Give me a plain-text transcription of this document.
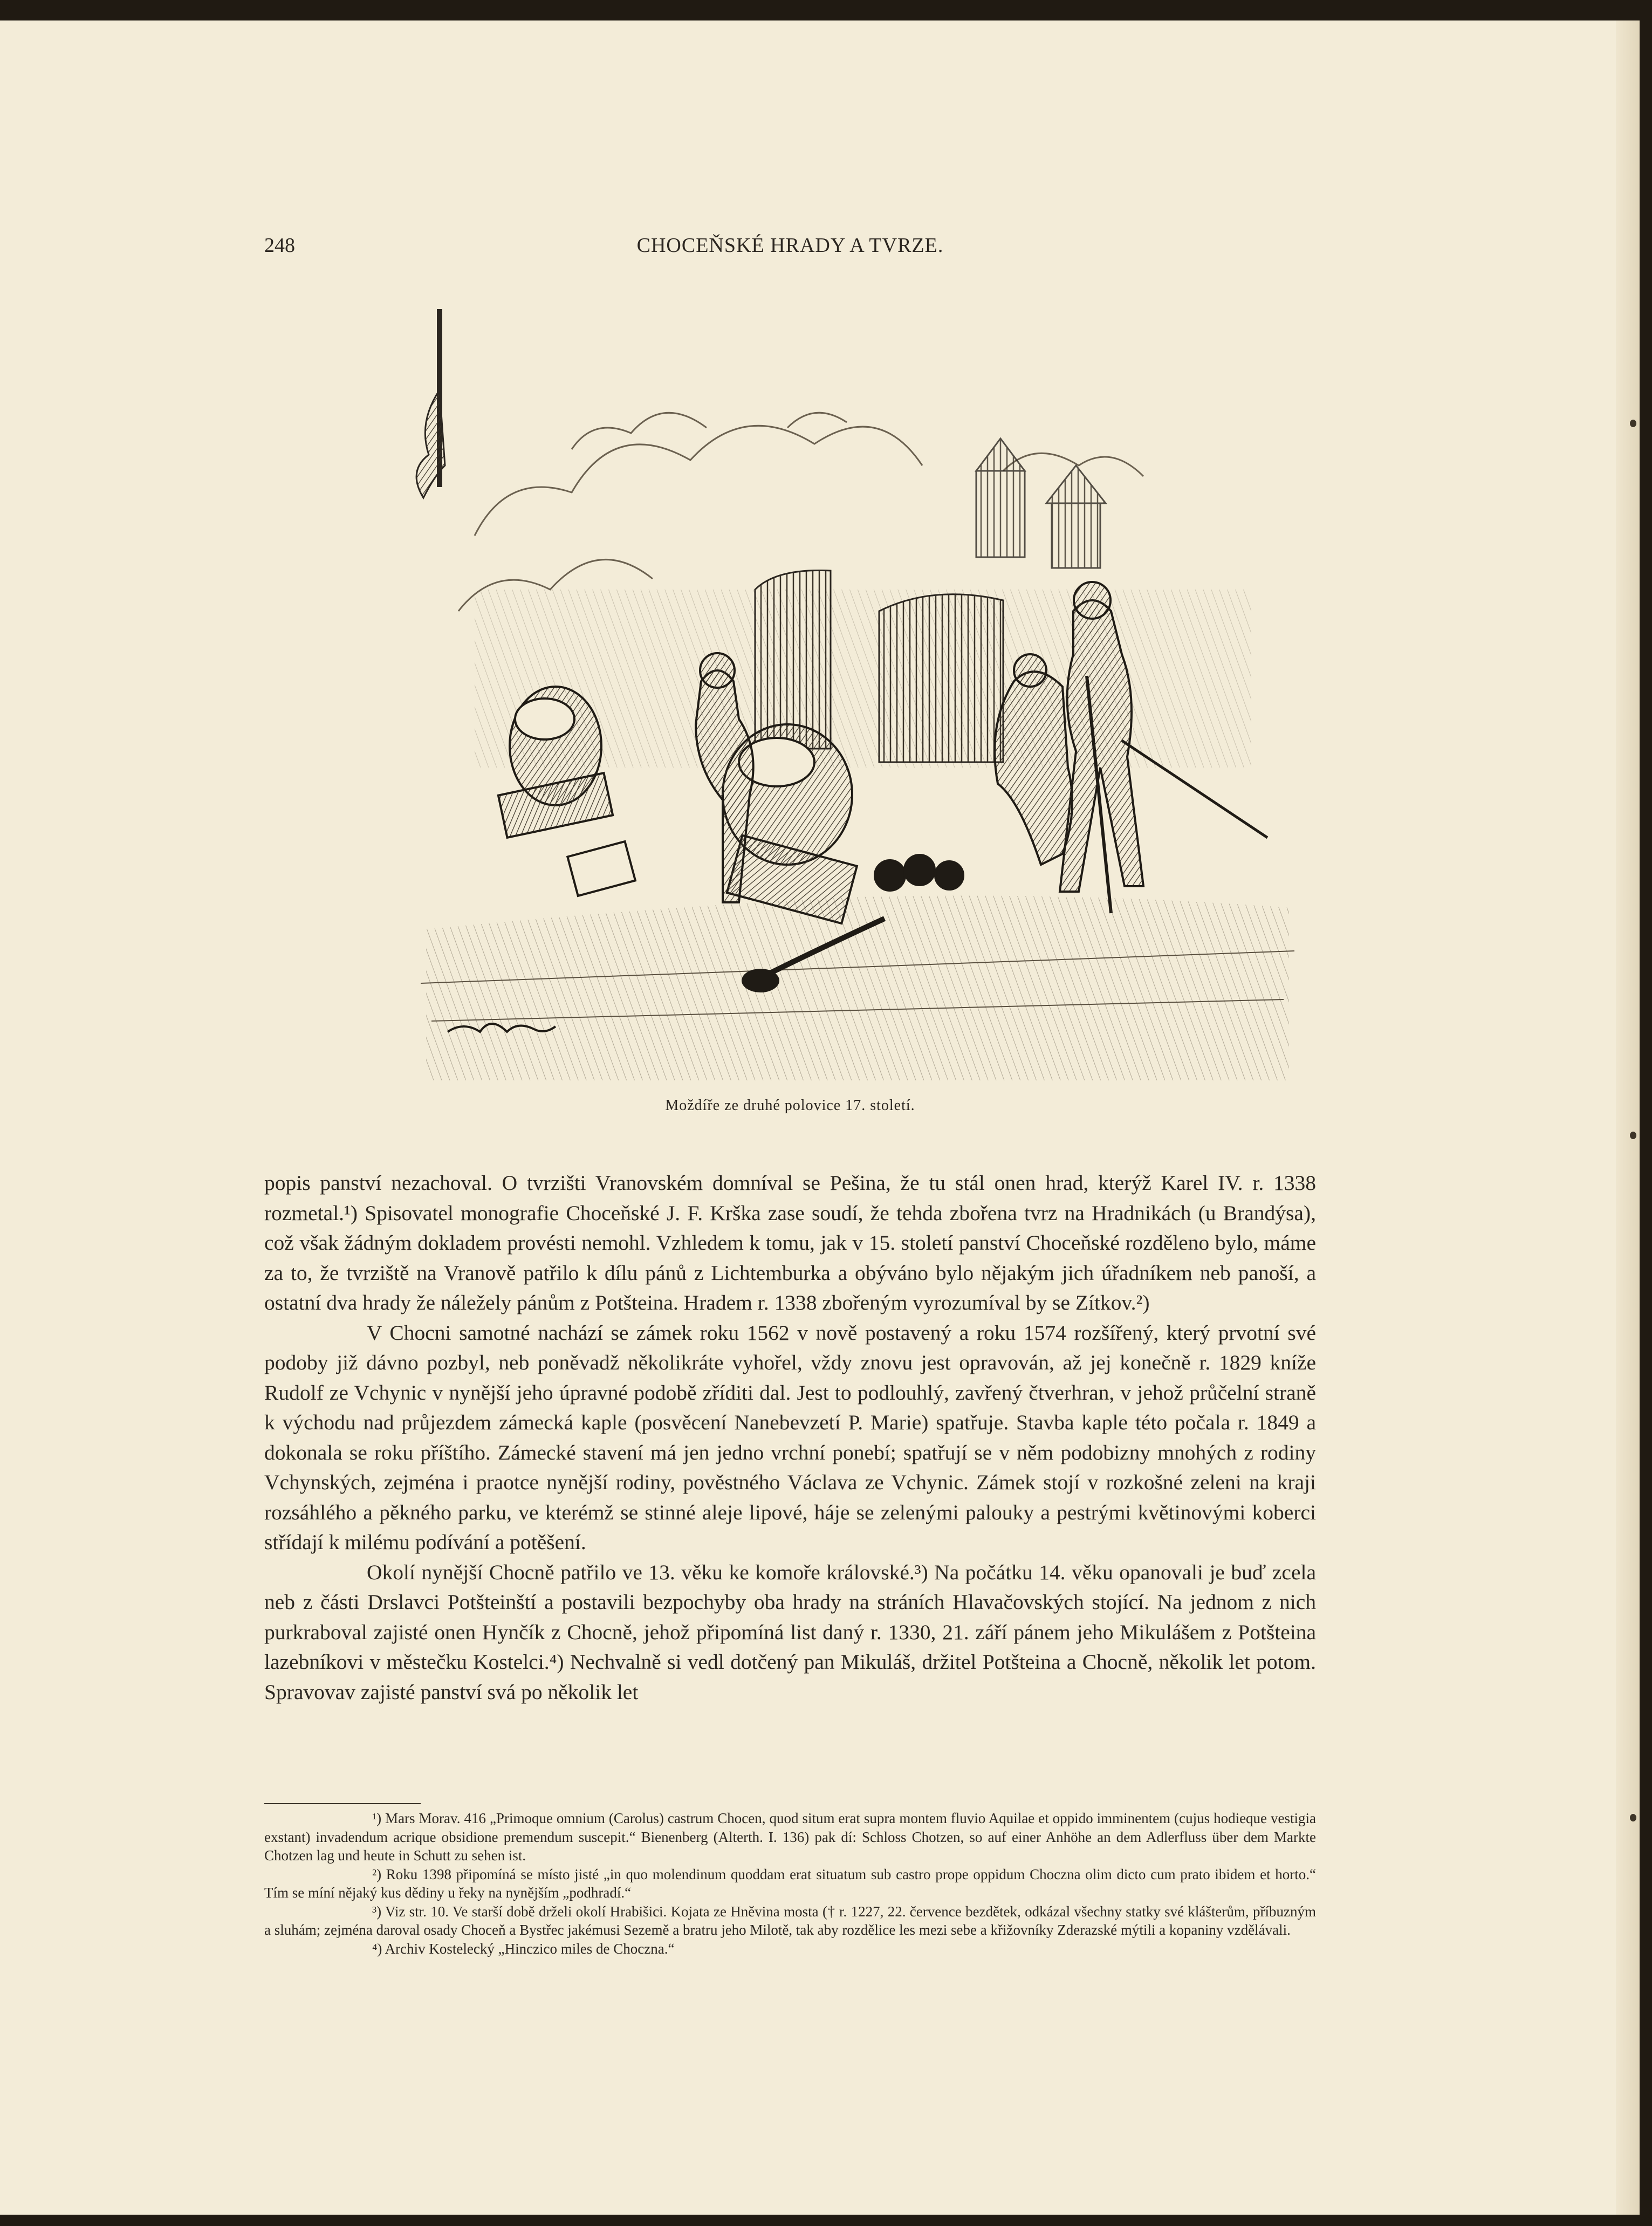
248	CHOCEŇSKÉ HRADY A TVRZE.
Moždíře ze druhé polovice 17. století.

popis panství nezachoval. O tvrzišti Vranovském domníval se Pešina, že tu stál onen hrad, kterýž Karel IV. r. 1338 rozmetal.¹) Spisovatel monografie Choceňské J. F. Krška zase soudí, že tehda zbořena tvrz na Hradnikách (u Brandýsa), což však žádným dokladem provésti nemohl. Vzhledem k tomu, jak v 15. století panství Choceňské rozděleno bylo, máme za to, že tvrziště na Vranově patřilo k dílu pánů z Lichtemburka a obýváno bylo nějakým jich úřadníkem neb panoší, a ostatní dva hrady že náležely pánům z Potšteina. Hradem r. 1338 zbořeným vyrozumíval by se Zítkov.²)

V Chocni samotné nachází se zámek roku 1562 v nově postavený a roku 1574 rozšířený, který prvotní své podoby již dávno pozbyl, neb poněvadž několikráte vyhořel, vždy znovu jest opravován, až jej konečně r. 1829 kníže Rudolf ze Vchynic v nynější jeho úpravné podobě zříditi dal. Jest to podlouhlý, zavřený čtverhran, v jehož průčelní straně k východu nad průjezdem zámecká kaple (posvěcení Nanebevzetí P. Marie) spatřuje. Stavba kaple této počala r. 1849 a dokonala se roku příštího. Zámecké stavení má jen jedno vrchní ponebí; spatřují se v něm podobizny mnohých z rodiny Vchynských, zejména i praotce nynější rodiny, pověstného Václava ze Vchynic. Zámek stojí v rozkošné zeleni na kraji rozsáhlého a pěkného parku, ve kterémž se stinné aleje lipové, háje se zelenými palouky a pestrými květinovými koberci střídají k milému podívání a potěšení.

Okolí nynější Chocně patřilo ve 13. věku ke komoře královské.³) Na počátku 14. věku opanovali je buď zcela neb z části Drslavci Potšteinští a postavili bezpochyby oba hrady na stráních Hlavačovských stojící. Na jednom z nich purkraboval zajisté onen Hynčík z Chocně, jehož připomíná list daný r. 1330, 21. září pánem jeho Mikulášem z Potšteina lazebníkovi v městečku Kostelci.⁴) Nechvalně si vedl dotčený pan Mikuláš, držitel Potšteina a Chocně, několik let potom. Spravovav zajisté panství svá po několik let

¹) Mars Morav. 416 „Primoque omnium (Carolus) castrum Chocen, quod situm erat supra montem fluvio Aquilae et oppido imminentem (cujus hodieque vestigia exstant) invadendum acrique obsidione premendum suscepit.“ Bienenberg (Alterth. I. 136) pak dí: Schloss Chotzen, so auf einer Anhöhe an dem Adlerfluss über dem Markte Chotzen lag und heute in Schutt zu sehen ist.

²) Roku 1398 připomíná se místo jisté „in quo molendinum quoddam erat situatum sub castro prope oppidum Choczna olim dicto cum prato ibidem et horto.“ Tím se míní nějaký kus dědiny u řeky na nynějším „podhradí.“

³) Viz str. 10. Ve starší době drželi okolí Hrabišici. Kojata ze Hněvina mosta († r. 1227, 22. července bezdětek, odkázal všechny statky své klášterům, příbuzným a sluhám; zejména daroval osady Choceň a Bystřec jakémusi Sezemě a bratru jeho Milotě, tak aby rozdělice les mezi sebe a křižovníky Zderazské mýtili a kopaniny vzdělávali.

⁴) Archiv Kostelecký „Hinczico miles de Choczna.“
